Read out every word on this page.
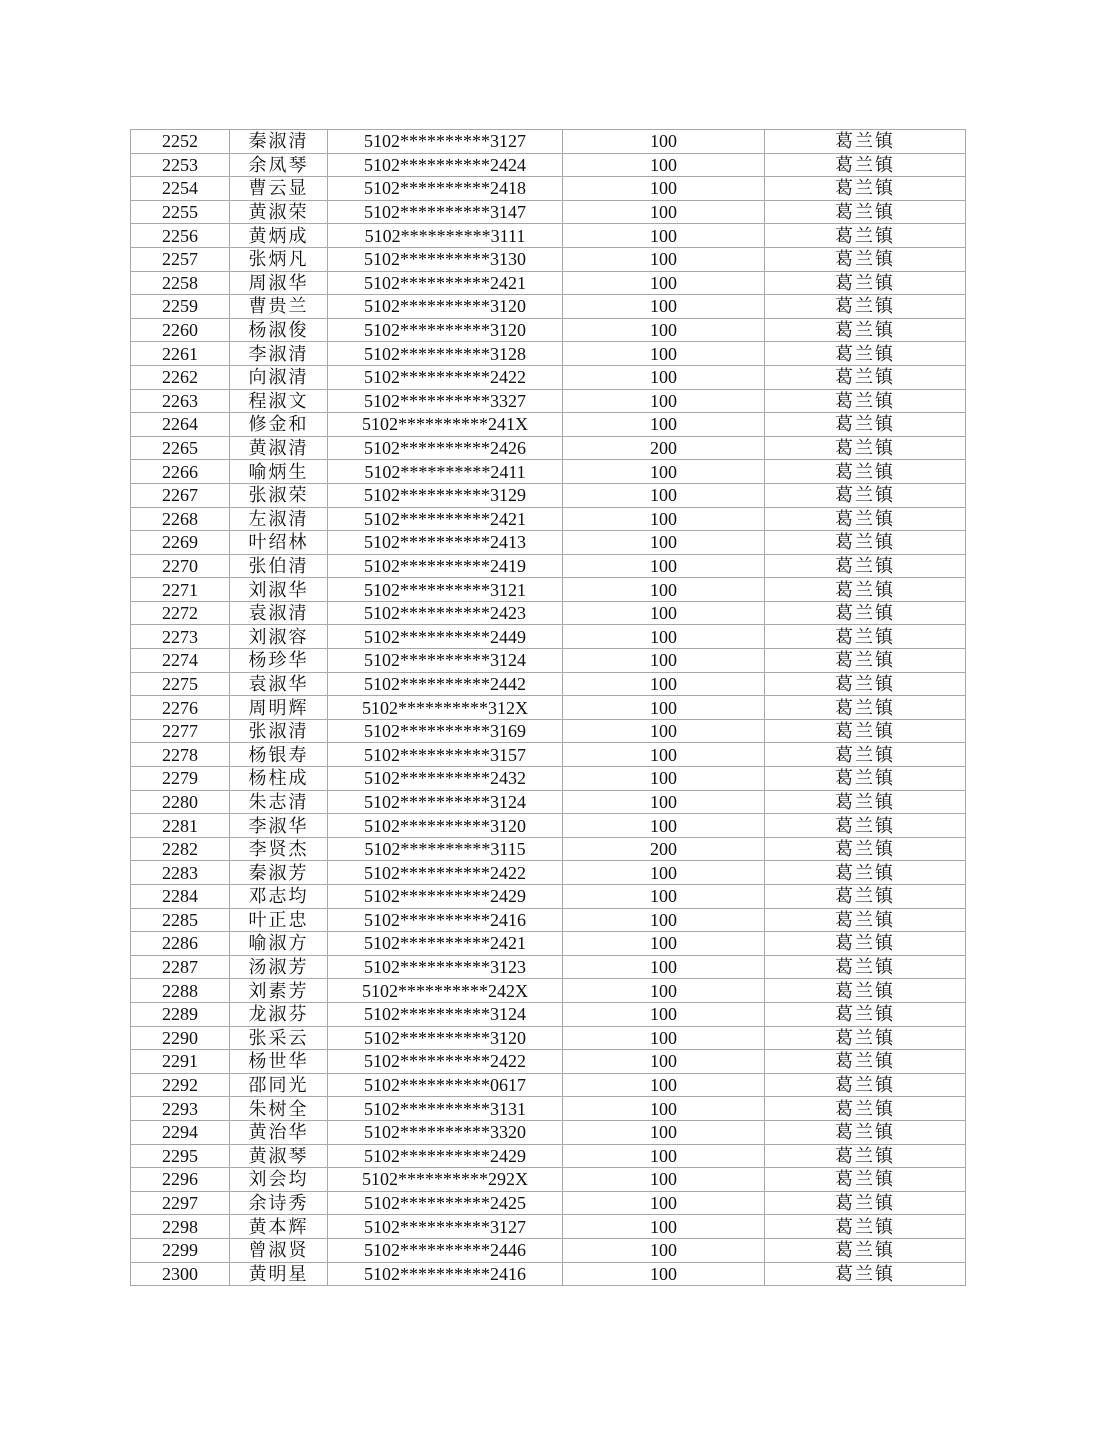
2252	秦淑清	5102**********3127	100	葛兰镇
2253	余凤琴	5102**********2424	100	葛兰镇
2254	曹云显	5102**********2418	100	葛兰镇
2255	黄淑荣	5102**********3147	100	葛兰镇
2256	黄炳成	5102**********3111	100	葛兰镇
2257	张炳凡	5102**********3130	100	葛兰镇
2258	周淑华	5102**********2421	100	葛兰镇
2259	曹贵兰	5102**********3120	100	葛兰镇
2260	杨淑俊	5102**********3120	100	葛兰镇
2261	李淑清	5102**********3128	100	葛兰镇
2262	向淑清	5102**********2422	100	葛兰镇
2263	程淑文	5102**********3327	100	葛兰镇
2264	修金和	5102**********241X	100	葛兰镇
2265	黄淑清	5102**********2426	200	葛兰镇
2266	喻炳生	5102**********2411	100	葛兰镇
2267	张淑荣	5102**********3129	100	葛兰镇
2268	左淑清	5102**********2421	100	葛兰镇
2269	叶绍林	5102**********2413	100	葛兰镇
2270	张伯清	5102**********2419	100	葛兰镇
2271	刘淑华	5102**********3121	100	葛兰镇
2272	袁淑清	5102**********2423	100	葛兰镇
2273	刘淑容	5102**********2449	100	葛兰镇
2274	杨珍华	5102**********3124	100	葛兰镇
2275	袁淑华	5102**********2442	100	葛兰镇
2276	周明辉	5102**********312X	100	葛兰镇
2277	张淑清	5102**********3169	100	葛兰镇
2278	杨银寿	5102**********3157	100	葛兰镇
2279	杨柱成	5102**********2432	100	葛兰镇
2280	朱志清	5102**********3124	100	葛兰镇
2281	李淑华	5102**********3120	100	葛兰镇
2282	李贤杰	5102**********3115	200	葛兰镇
2283	秦淑芳	5102**********2422	100	葛兰镇
2284	邓志均	5102**********2429	100	葛兰镇
2285	叶正忠	5102**********2416	100	葛兰镇
2286	喻淑方	5102**********2421	100	葛兰镇
2287	汤淑芳	5102**********3123	100	葛兰镇
2288	刘素芳	5102**********242X	100	葛兰镇
2289	龙淑芬	5102**********3124	100	葛兰镇
2290	张采云	5102**********3120	100	葛兰镇
2291	杨世华	5102**********2422	100	葛兰镇
2292	邵同光	5102**********0617	100	葛兰镇
2293	朱树全	5102**********3131	100	葛兰镇
2294	黄治华	5102**********3320	100	葛兰镇
2295	黄淑琴	5102**********2429	100	葛兰镇
2296	刘会均	5102**********292X	100	葛兰镇
2297	余诗秀	5102**********2425	100	葛兰镇
2298	黄本辉	5102**********3127	100	葛兰镇
2299	曾淑贤	5102**********2446	100	葛兰镇
2300	黄明星	5102**********2416	100	葛兰镇
